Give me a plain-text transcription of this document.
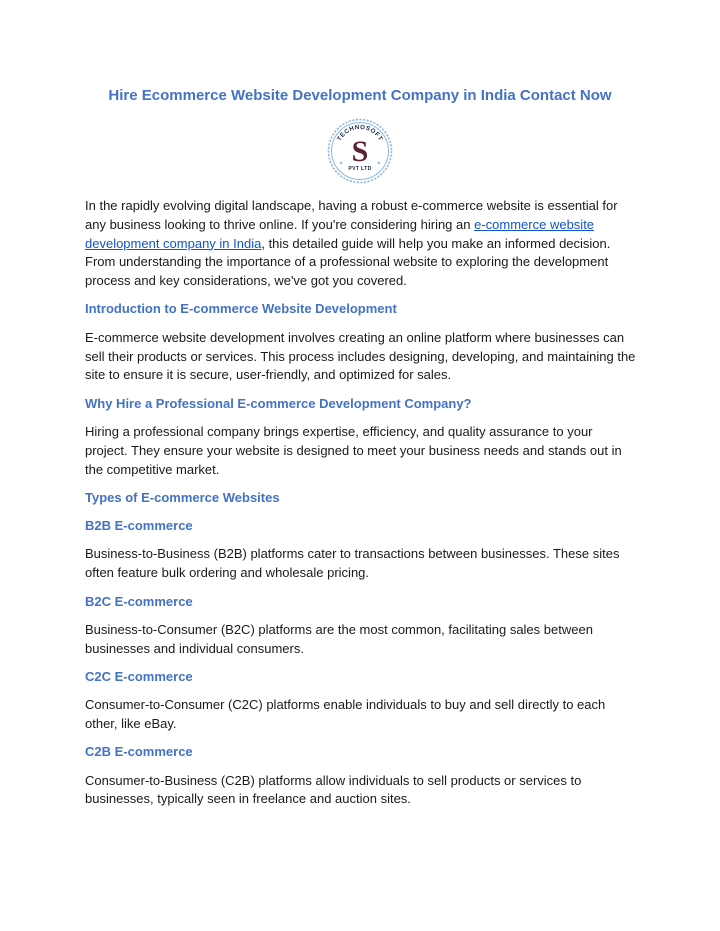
Hire Ecommerce Website Development Company in India Contact Now
TECHNOSOFT
S
PVT LTD

In the rapidly evolving digital landscape, having a robust e-commerce website is essential for any business looking to thrive online. If you're considering hiring an e-commerce website development company in India, this detailed guide will help you make an informed decision. From understanding the importance of a professional website to exploring the development process and key considerations, we've got you covered.

Introduction to E-commerce Website Development

E-commerce website development involves creating an online platform where businesses can sell their products or services. This process includes designing, developing, and maintaining the site to ensure it is secure, user-friendly, and optimized for sales.

Why Hire a Professional E-commerce Development Company?

Hiring a professional company brings expertise, efficiency, and quality assurance to your project. They ensure your website is designed to meet your business needs and stands out in the competitive market.

Types of E-commerce Websites
B2B E-commerce

Business-to-Business (B2B) platforms cater to transactions between businesses. These sites often feature bulk ordering and wholesale pricing.

B2C E-commerce

Business-to-Consumer (B2C) platforms are the most common, facilitating sales between businesses and individual consumers.

C2C E-commerce

Consumer-to-Consumer (C2C) platforms enable individuals to buy and sell directly to each other, like eBay.

C2B E-commerce

Consumer-to-Business (C2B) platforms allow individuals to sell products or services to businesses, typically seen in freelance and auction sites.
